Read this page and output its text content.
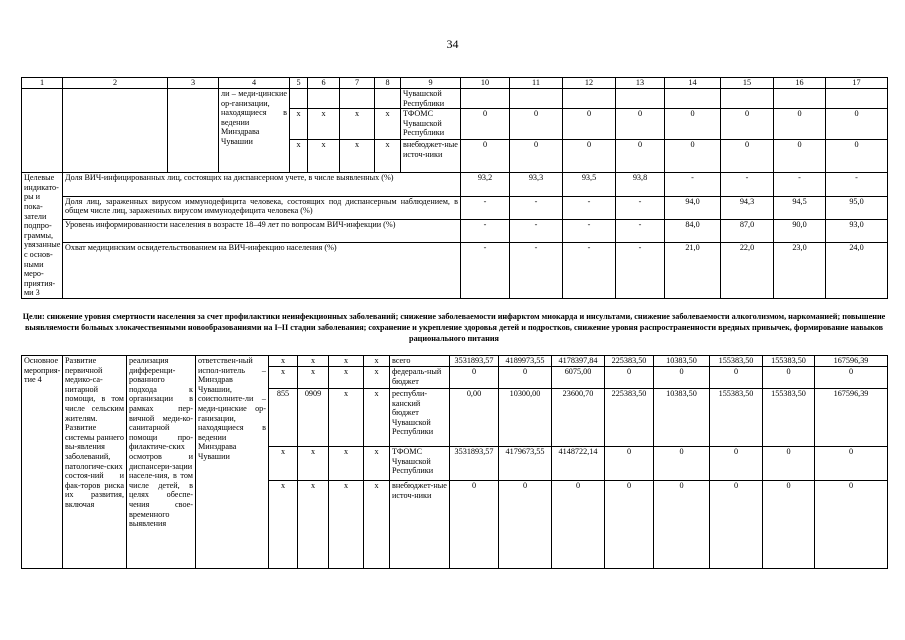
34
1	2	3	4	5	6	7	8	9	10	11	12	13	14	15	16	17
			ли – меди-цинские ор-ганизации, находящиеся в ведении Минздрава Чувашии					Чувашской Республики								
				x	x	x	x	ТФОМС Чувашской Республики	0	0	0	0	0	0	0	0
				x	x	x	x	внебюджет-ные источ-ники	0	0	0	0	0	0	0	0
Целевые индикато-ры и пока-затели подпро-граммы, увязанные с основ-ными меро-приятия-ми 3	Доля ВИЧ-инфицированных лиц, состоящих на диспансерном учете, в числе выявленных (%)								93,2	93,3	93,5	93,8	-	-	-	-
	Доля лиц, зараженных вирусом иммунодефицита человека, состоящих под диспансерным наблюдением, в общем числе лиц, зараженных вирусом иммунодефицита человека (%)								-	-	-	-	94,0	94,3	94,5	95,0
	Уровень информированности населения в возрасте 18–49 лет по вопросам ВИЧ-инфекции (%)								-	-	-	-	84,0	87,0	90,0	93,0
	Охват медицинским освидетельствованием на ВИЧ-инфекцию населения (%)								-	-	-	-	21,0	22,0	23,0	24,0
Цели: снижение уровня смертности населения за счет профилактики неинфекционных заболеваний; снижение заболеваемости инфарктом миокарда и инсультами, снижение заболеваемости алкоголизмом, наркоманией; повышение выявляемости больных злокачественными новообразованиями на I–II стадии заболевания; сохранение и укрепление здоровья детей и подростков, снижение уровня распространенности вредных привычек, формирование навыков рационального питания
Основное мероприя-тие 4	Развитие первичной медико-са-нитарной помощи, в том числе сельским жителям. Развитие системы раннего вы-явления заболеваний, патологиче-ских состоя-ний и фак-торов риска их развития, включая	реализация дифференци-рованного подхода к организации в рамках пер-вичной меди-ко-санитарной помощи про-филактиче-ских осмотров и диспансери-зации населе-ния, в том числе детей, в целях обеспе-чения свое-временного выявления	ответствен-ный испол-нитель – Минздрав Чувашии, соисполните-ли – меди-цинские ор-ганизации, находящиеся в ведении Минздрава Чувашии	x	x	x	x	всего	3531893,57	4189973,55	4178397,84	225383,50	10383,50	155383,50	155383,50	167596,39
				x	x	x	x	федераль-ный бюджет	0	0	6075,00	0	0	0	0	0
				855	0909	x	x	республи-канский бюджет Чувашской Республики	0,00	10300,00	23600,70	225383,50	10383,50	155383,50	155383,50	167596,39
				x	x	x	x	ТФОМС Чувашской Республики	3531893,57	4179673,55	4148722,14	0	0	0	0	0
				x	x	x	x	внебюджет-ные источ-ники	0	0	0	0	0	0	0	0
